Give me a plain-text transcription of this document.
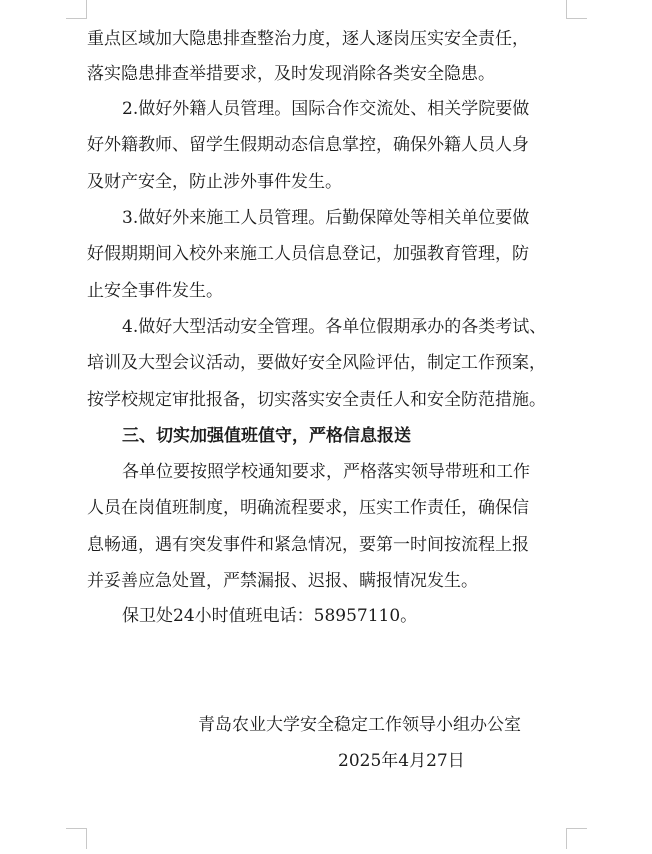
重点区域加大隐患排查整治力度，逐人逐岗压实安全责任，
落实隐患排查举措要求，及时发现消除各类安全隐患。
2.做好外籍人员管理。国际合作交流处、相关学院要做
好外籍教师、留学生假期动态信息掌控，确保外籍人员人身
及财产安全，防止涉外事件发生。
3.做好外来施工人员管理。后勤保障处等相关单位要做
好假期期间入校外来施工人员信息登记，加强教育管理，防
止安全事件发生。
4.做好大型活动安全管理。各单位假期承办的各类考试、
培训及大型会议活动，要做好安全风险评估，制定工作预案，
按学校规定审批报备，切实落实安全责任人和安全防范措施。
三、切实加强值班值守，严格信息报送
各单位要按照学校通知要求，严格落实领导带班和工作
人员在岗值班制度，明确流程要求，压实工作责任，确保信
息畅通，遇有突发事件和紧急情况，要第一时间按流程上报
并妥善应急处置，严禁漏报、迟报、瞒报情况发生。
保卫处24小时值班电话：58957110。
青岛农业大学安全稳定工作领导小组办公室
2025年4月27日
